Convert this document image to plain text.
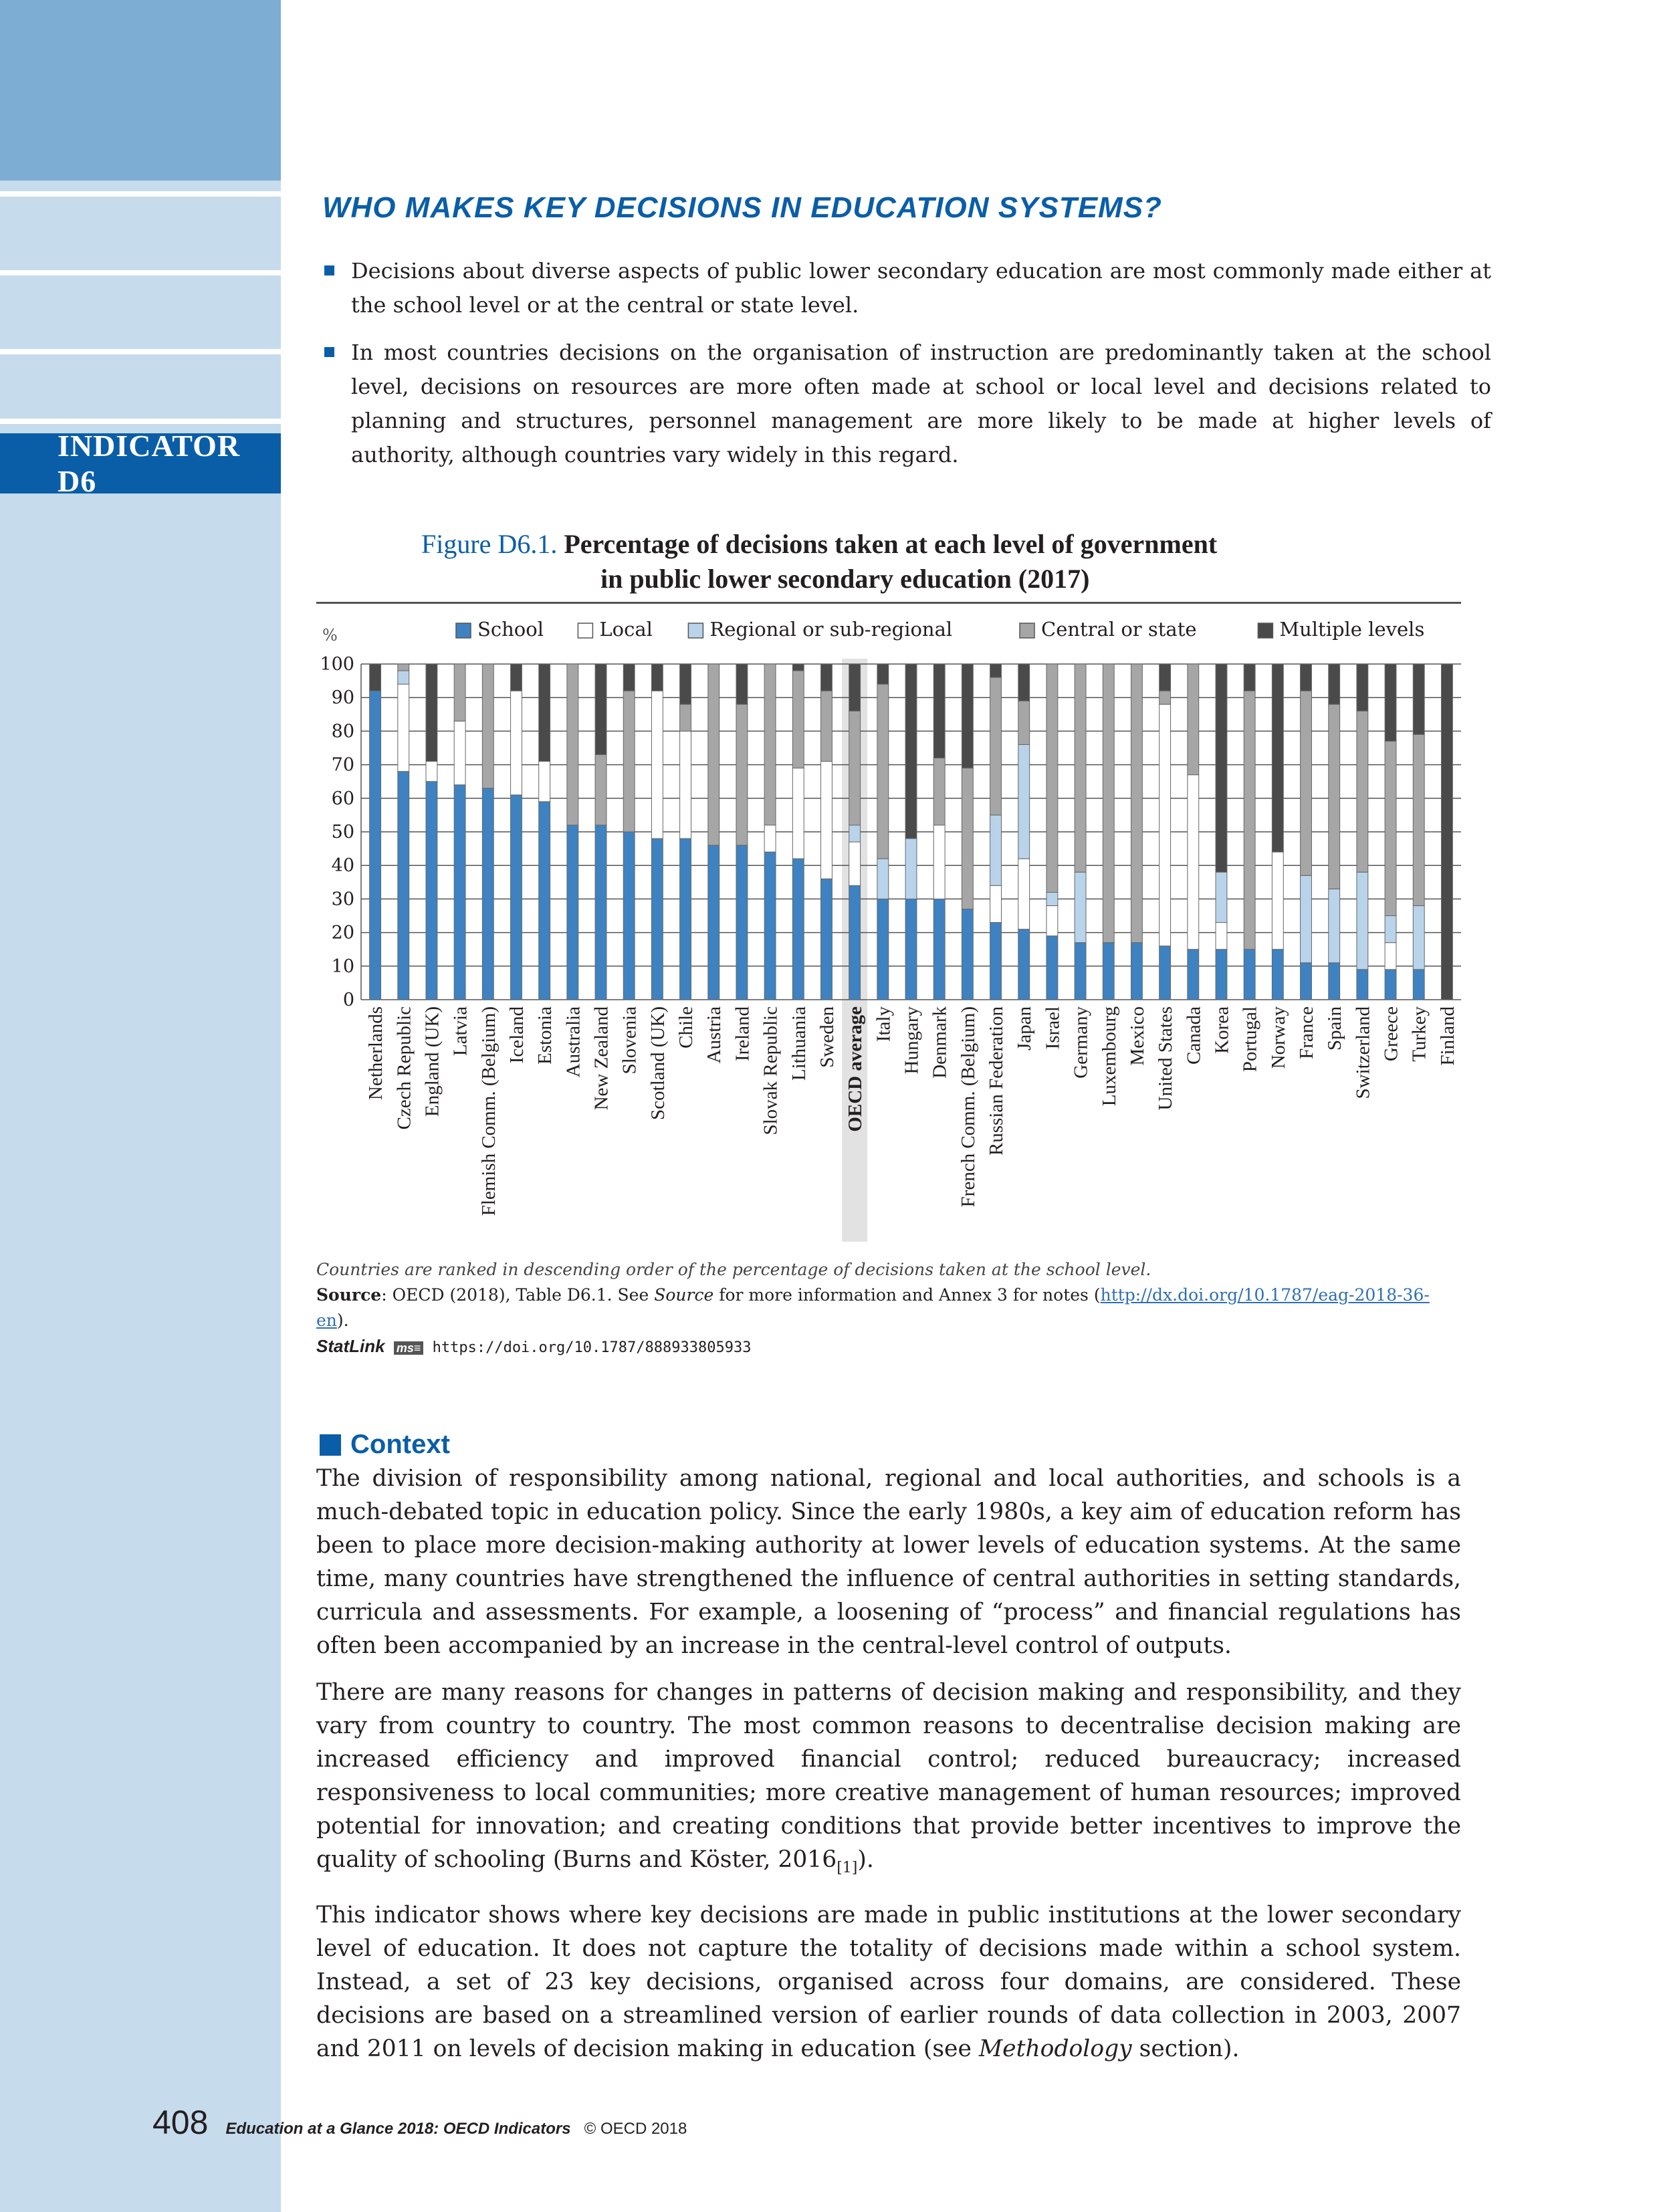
INDICATOR D6
WHO MAKES KEY DECISIONS IN EDUCATION SYSTEMS?
Decisions about diverse aspects of public lower secondary education are most commonly made either at the school level or at the central or state level.
In most countries decisions on the organisation of instruction are predominantly taken at the school level, decisions on resources are more often made at school or local level and decisions related to planning and structures, personnel management are more likely to be made at higher levels of authority, although countries vary widely in this regard.
Figure D6.1. Percentage of decisions taken at each level of government
in public lower secondary education (2017)
School	Local	Regional or sub-regional	Central or state	Multiple levels
%
0
10
20
30
40
50
60
70
80
90
100
Netherlands Czech Republic England (UK) Latvia Flemish Comm. (Belgium) Iceland Estonia Australia New Zealand Slovenia Scotland (UK) Chile Austria Ireland Slovak Republic Lithuania Sweden OECD average Italy Hungary Denmark French Comm. (Belgium) Russian Federation Japan Israel Germany Luxembourg Mexico United States Canada Korea Portugal Norway France Spain Switzerland Greece Turkey Finland
Countries are ranked in descending order of the percentage of decisions taken at the school level.
Source: OECD (2018), Table D6.1. See Source for more information and Annex 3 for notes (http://dx.doi.org/10.1787/eag-2018-36-en).
StatLink ms≡ https://doi.org/10.1787/888933805933
Context

The division of responsibility among national, regional and local authorities, and schools is a much-debated topic in education policy. Since the early 1980s, a key aim of education reform has been to place more decision-making authority at lower levels of education systems. At the same time, many countries have strengthened the influence of central authorities in setting standards, curricula and assessments. For example, a loosening of “process” and financial regulations has often been accompanied by an increase in the central-level control of outputs.

There are many reasons for changes in patterns of decision making and responsibility, and they vary from country to country. The most common reasons to decentralise decision making are increased efficiency and improved financial control; reduced bureaucracy; increased responsiveness to local communities; more creative management of human resources; improved potential for innovation; and creating conditions that provide better incentives to improve the quality of schooling (Burns and Köster, $2016_{[1]}$).

This indicator shows where key decisions are made in public institutions at the lower secondary level of education. It does not capture the totality of decisions made within a school system. Instead, a set of 23 key decisions, organised across four domains, are considered. These decisions are based on a streamlined version of earlier rounds of data collection in 2003, 2007 and 2011 on levels of decision making in education (see Methodology section).

408 Education at a Glance 2018: OECD Indicators © OECD 2018
